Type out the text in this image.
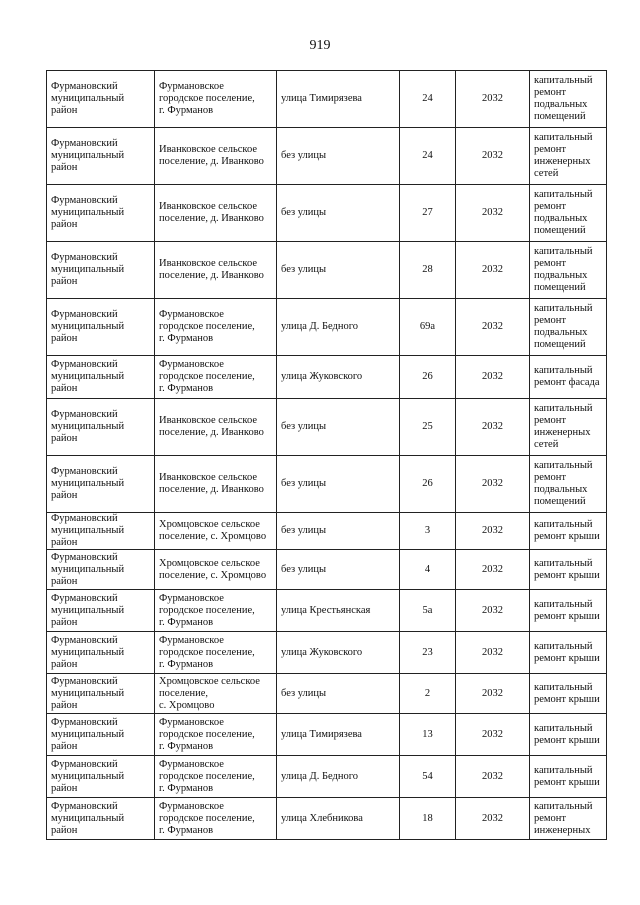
919
Фурмановский
муниципальный
район	Фурмановское
городское поселение,
г. Фурманов	улица Тимирязева	24	2032	капитальный
ремонт
подвальных
помещений

Фурмановский
муниципальный
район	Иванковское сельское
поселение, д. Иванково	без улицы	24	2032	капитальный
ремонт
инженерных
сетей

Фурмановский
муниципальный
район	Иванковское сельское
поселение, д. Иванково	без улицы	27	2032	капитальный
ремонт
подвальных
помещений

Фурмановский
муниципальный
район	Иванковское сельское
поселение, д. Иванково	без улицы	28	2032	капитальный
ремонт
подвальных
помещений

Фурмановский
муниципальный
район	Фурмановское
городское поселение,
г. Фурманов	улица Д. Бедного	69а	2032	капитальный
ремонт
подвальных
помещений

Фурмановский
муниципальный
район	Фурмановское
городское поселение,
г. Фурманов	улица Жуковского	26	2032	капитальный
ремонт фасада

Фурмановский
муниципальный
район	Иванковское сельское
поселение, д. Иванково	без улицы	25	2032	капитальный
ремонт
инженерных
сетей

Фурмановский
муниципальный
район	Иванковское сельское
поселение, д. Иванково	без улицы	26	2032	капитальный
ремонт
подвальных
помещений

Фурмановский
муниципальный
район	Хромцовское сельское
поселение, с. Хромцово	без улицы	3	2032	капитальный
ремонт крыши

Фурмановский
муниципальный
район	Хромцовское сельское
поселение, с. Хромцово	без улицы	4	2032	капитальный
ремонт крыши

Фурмановский
муниципальный
район	Фурмановское
городское поселение,
г. Фурманов	улица Крестьянская	5а	2032	капитальный
ремонт крыши

Фурмановский
муниципальный
район	Фурмановское
городское поселение,
г. Фурманов	улица Жуковского	23	2032	капитальный
ремонт крыши

Фурмановский
муниципальный
район	Хромцовское сельское
поселение,
с. Хромцово	без улицы	2	2032	капитальный
ремонт крыши

Фурмановский
муниципальный
район	Фурмановское
городское поселение,
г. Фурманов	улица Тимирязева	13	2032	капитальный
ремонт крыши

Фурмановский
муниципальный
район	Фурмановское
городское поселение,
г. Фурманов	улица Д. Бедного	54	2032	капитальный
ремонт крыши

Фурмановский
муниципальный
район	Фурмановское
городское поселение,
г. Фурманов	улица Хлебникова	18	2032	капитальный
ремонт
инженерных
